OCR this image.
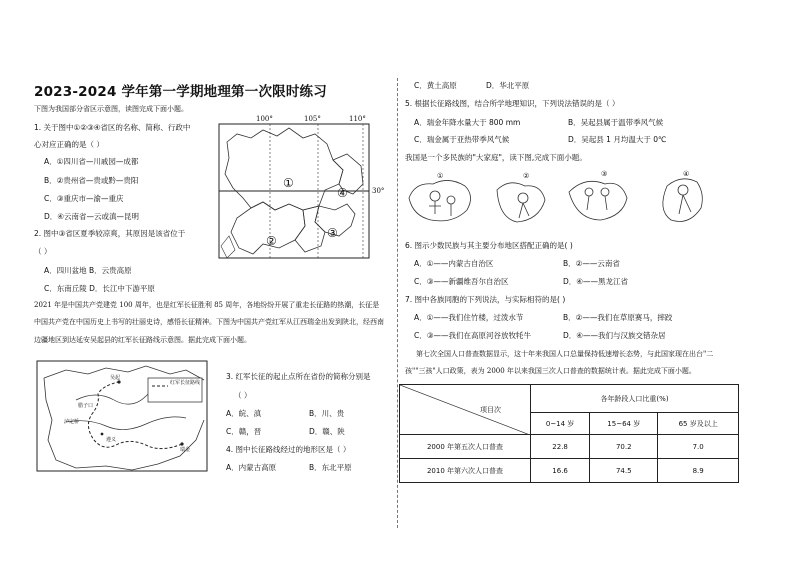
2023-2024 学年第一学期地理第一次限时练习
下图为我国部分省区示意图，读图完成下面小题。
1. 关于图中①②③④省区的名称、简称、行政中
心对应正确的是（ ）
A．①四川省—川戚园—成都
B．②贵州省—贵或黔—贵阳
C．③重庆市—渝—重庆
D．④云南省—云或滇—昆明
2. 图中③省区夏季较凉爽，其原因是该省位于
（ ）
A．四川盆地 B．云贵高原
C．东南丘陵 D．长江中下游平原
100°	105°	110°
30°
①
②
③
④
2021 年是中国共产党建党 100 周年，也是红军长征胜利 85 周年，各地纷纷开展了重走长征路的热潮，长征是
中国共产党在中国历史上书写的壮丽史诗，感悟长征精神。下图为中国共产党红军从江西瑞金出发到陕北，经西南
边疆地区到达延安吴起县的红军长征路线示意图。据此完成下面小题。
红军长征路线
吴起
腊子口
泸定桥
遵义
瑞金
3. 红军长征的起止点所在省份的简称分别是
（ ）
A．皖、滇	B．川、贵
C．赣，晋	D．赣、陕
4. 图中长征路线经过的地形区是（ ）
A．内蒙古高原	B．东北平原
C．黄土高原	D．华北平原
5. 根据长征路线图，结合所学地理知识，下列说法错误的是（ ）
A．瑞金年降水量大于 800 mm	B．吴起县属于温带季风气候
C．瑞金属于亚热带季风气候	D．吴起县 1 月均温大于 0℃
我国是一个多民族的"大家庭"，读下图,完成下面小题。
①	②	③	④
6. 图示少数民族与其主要分布地区搭配正确的是( )
A．①——内蒙古自治区	B．②——云南省
C．③——新疆维吾尔自治区	D．④——黑龙江省
7. 图中各族同胞的下列说法，与实际相符的是( )
A．①——我们住竹楼，过泼水节	B．②——我们在草原赛马，摔跤
C．③——我们在高原河谷放牧牦牛	D．④——我们与汉族交错杂居
第七次全国人口普查数据显示，这十年来我国人口总量保持低速增长态势，与此国家现在出台"二
孩""三孩"人口政策，表为 2000 年以来我国三次人口普查的数据统计表。据此完成下面小题。
项目次	各年龄段人口比重(%)		
	0~14 岁	15~64 岁	65 岁及以上
2000 年第五次人口普查	22.8	70.2	7.0
2010 年第六次人口普查	16.6	74.5	8.9
